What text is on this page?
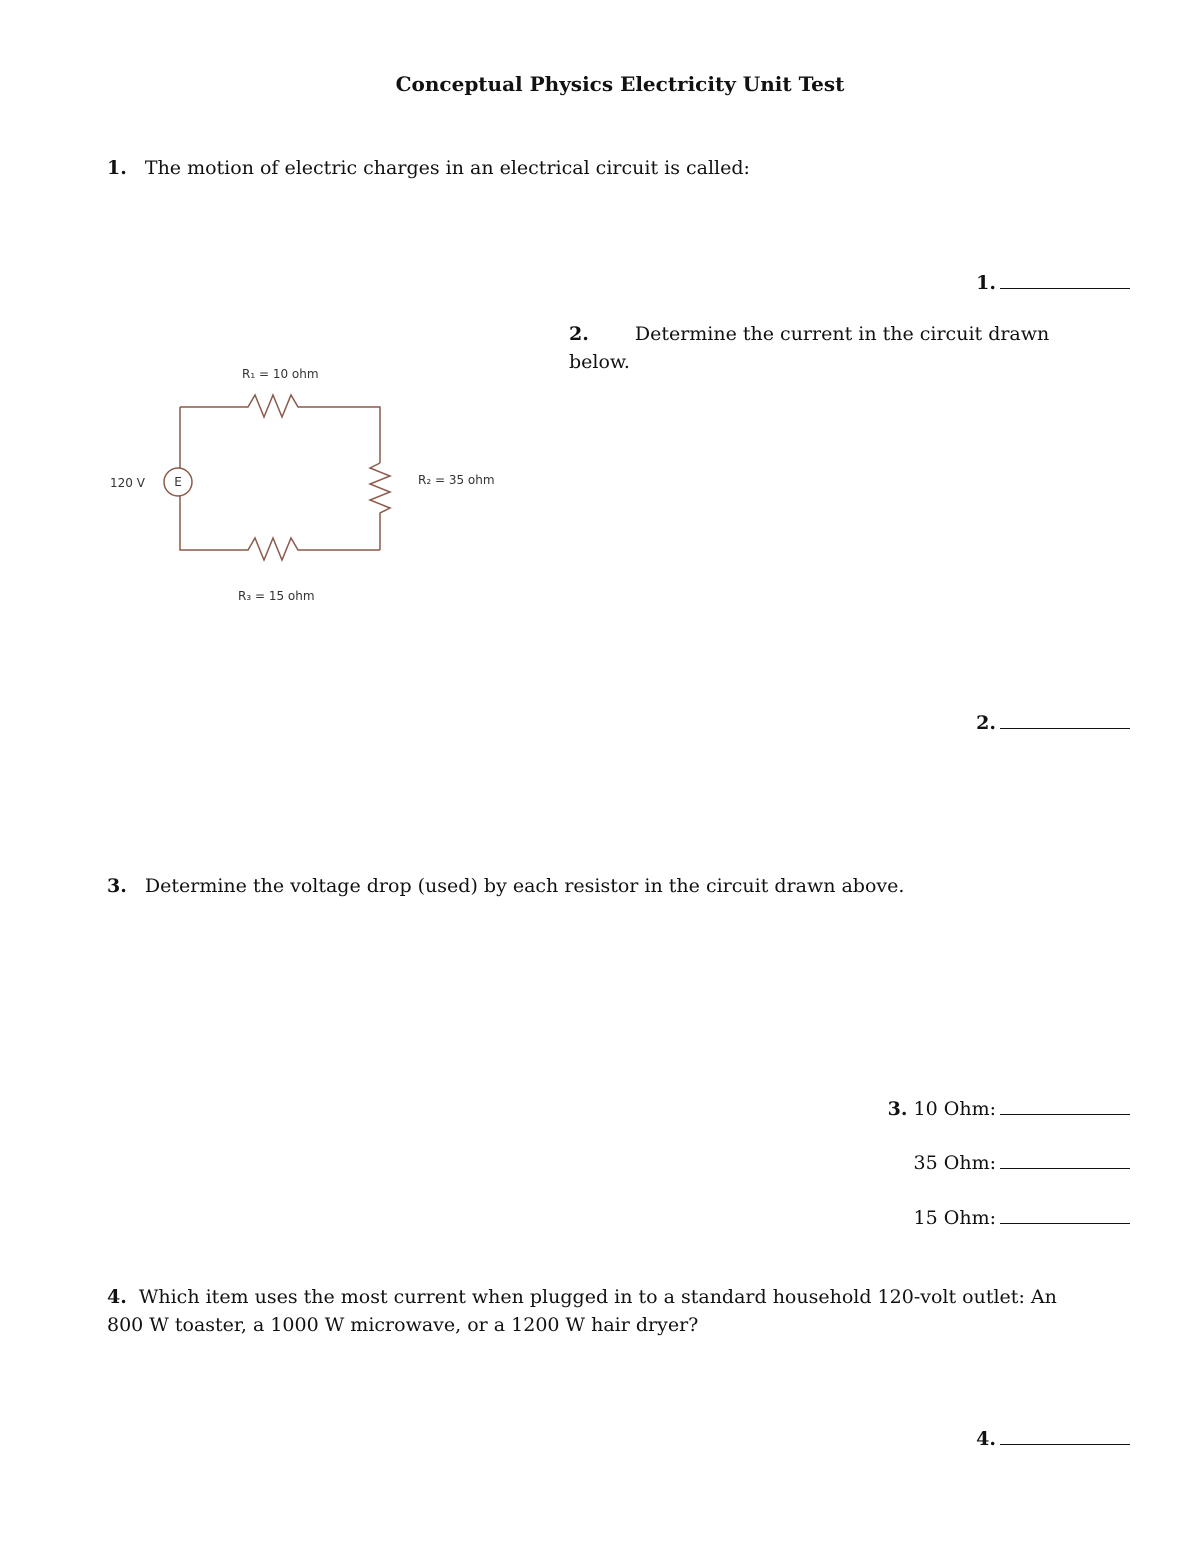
Conceptual Physics Electricity Unit Test
1. The motion of electric charges in an electrical circuit is called:
1.
2. Determine the current in the circuit drawn
below.
E
120 V
R₁ = 10 ohm
R₂ = 35 ohm
R₃ = 15 ohm
2.
3. Determine the voltage drop (used) by each resistor in the circuit drawn above.
3. 10 Ohm:
35 Ohm:
15 Ohm:
4. Which item uses the most current when plugged in to a standard household 120-volt outlet: An
800 W toaster, a 1000 W microwave, or a 1200 W hair dryer?
4.
